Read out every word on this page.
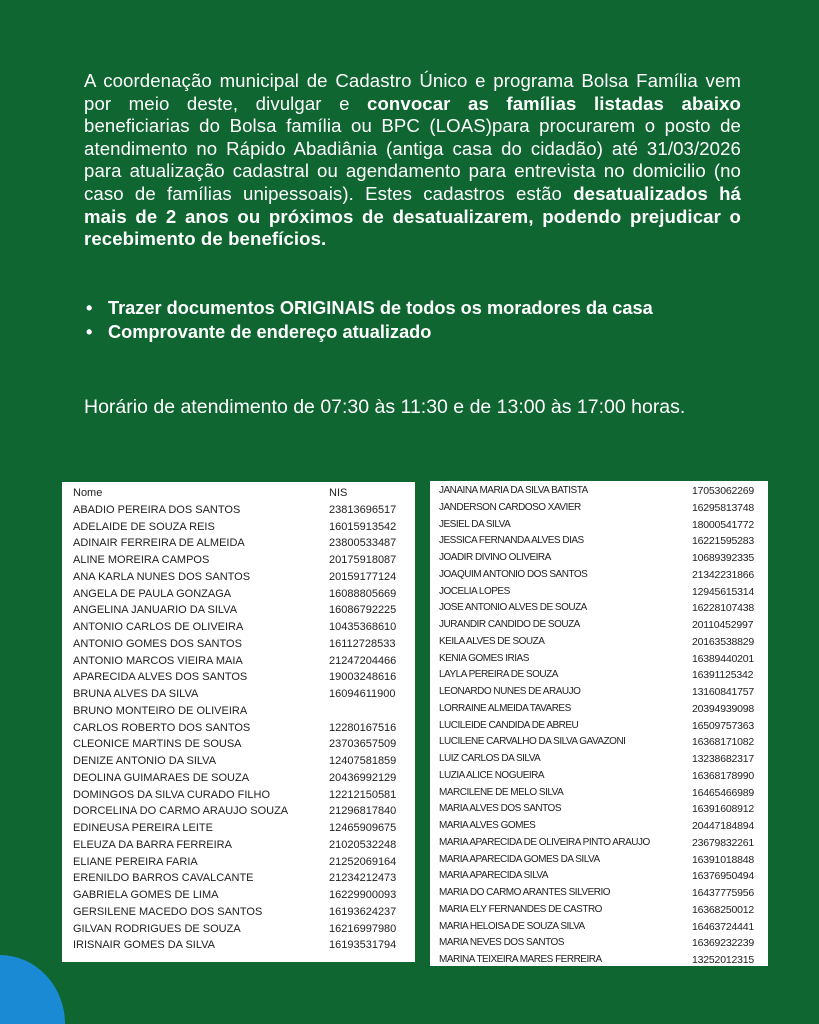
A coordenação municipal de Cadastro Único e programa Bolsa Família vem por meio deste, divulgar e convocar as famílias listadas abaixo beneficiarias do Bolsa família ou BPC (LOAS)para procurarem o posto de atendimento no Rápido Abadiânia (antiga casa do cidadão) até 31/03/2026 para atualização cadastral ou agendamento para entrevista no domicilio (no caso de famílias unipessoais). Estes cadastros estão desatualizados há mais de 2 anos ou próximos de desatualizarem, podendo prejudicar o recebimento de benefícios.
• Trazer documentos ORIGINAIS de todos os moradores da casa
• Comprovante de endereço atualizado
Horário de atendimento de 07:30 às 11:30 e de 13:00 às 17:00 horas.
Nome	NIS
ABADIO PEREIRA DOS SANTOS	23813696517
ADELAIDE DE SOUZA REIS	16015913542
ADINAIR FERREIRA DE ALMEIDA	23800533487
ALINE MOREIRA CAMPOS	20175918087
ANA KARLA NUNES DOS SANTOS	20159177124
ANGELA DE PAULA GONZAGA	16088805669
ANGELINA JANUARIO DA SILVA	16086792225
ANTONIO CARLOS DE OLIVEIRA	10435368610
ANTONIO GOMES DOS SANTOS	16112728533
ANTONIO MARCOS VIEIRA MAIA	21247204466
APARECIDA ALVES DOS SANTOS	19003248616
BRUNA ALVES DA SILVA	16094611900
BRUNO MONTEIRO DE OLIVEIRA
CARLOS ROBERTO DOS SANTOS	12280167516
CLEONICE MARTINS DE SOUSA	23703657509
DENIZE ANTONIO DA SILVA	12407581859
DEOLINA GUIMARAES DE SOUZA	20436992129
DOMINGOS DA SILVA CURADO FILHO	12212150581
DORCELINA DO CARMO ARAUJO SOUZA	21296817840
EDINEUSA PEREIRA LEITE	12465909675
ELEUZA DA BARRA FERREIRA	21020532248
ELIANE PEREIRA FARIA	21252069164
ERENILDO BARROS CAVALCANTE	21234212473
GABRIELA GOMES DE LIMA	16229900093
GERSILENE MACEDO DOS SANTOS	16193624237
GILVAN RODRIGUES DE SOUZA	16216997980
IRISNAIR GOMES DA SILVA	16193531794
JANAINA MARIA DA SILVA BATISTA	17053062269
JANDERSON CARDOSO XAVIER	16295813748
JESIEL DA SILVA	18000541772
JESSICA FERNANDA ALVES DIAS	16221595283
JOADIR DIVINO OLIVEIRA	10689392335
JOAQUIM ANTONIO DOS SANTOS	21342231866
JOCELIA LOPES	12945615314
JOSE ANTONIO ALVES DE SOUZA	16228107438
JURANDIR CANDIDO DE SOUZA	20110452997
KEILA ALVES DE SOUZA	20163538829
KENIA GOMES IRIAS	16389440201
LAYLA PEREIRA DE SOUZA	16391125342
LEONARDO NUNES DE ARAUJO	13160841757
LORRAINE ALMEIDA TAVARES	20394939098
LUCILEIDE CANDIDA DE ABREU	16509757363
LUCILENE CARVALHO DA SILVA GAVAZONI	16368171082
LUIZ CARLOS DA SILVA	13238682317
LUZIA ALICE NOGUEIRA	16368178990
MARCILENE DE MELO SILVA	16465466989
MARIA ALVES DOS SANTOS	16391608912
MARIA ALVES GOMES	20447184894
MARIA APARECIDA DE OLIVEIRA PINTO ARAUJO	23679832261
MARIA APARECIDA GOMES DA SILVA	16391018848
MARIA APARECIDA SILVA	16376950494
MARIA DO CARMO ARANTES SILVERIO	16437775956
MARIA ELY FERNANDES DE CASTRO	16368250012
MARIA HELOISA DE SOUZA SILVA	16463724441
MARIA NEVES DOS SANTOS	16369232239
MARINA TEIXEIRA MARES FERREIRA	13252012315
